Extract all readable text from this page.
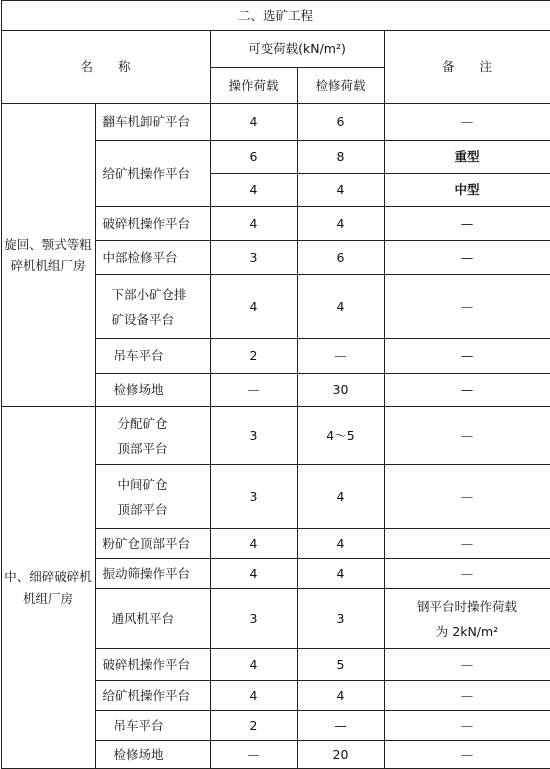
二、选矿工程				
名　　称		可变荷载(kN/m²)		备　　注
		操作荷载	检修荷载	
旋回、颚式等粗碎机机组厂房	翻车机卸矿平台	4	6	—
	给矿机操作平台	6	8	重型
		4	4	中型
	破碎机操作平台	4	4	—
	中部检修平台	3	6	—
	下部小矿仓排矿设备平台	4	4	—
	吊车平台	2	—	—
	检修场地	—	30	—
中、细碎破碎机机组厂房	分配矿仓顶部平台	3	4～5	—
	中间矿仓顶部平台	3	4	—
	粉矿仓顶部平台	4	4	—
	振动筛操作平台	4	4	—
	通风机平台	3	3	钢平台时操作荷载为 2kN/m²
	破碎机操作平台	4	5	—
	给矿机操作平台	4	4	—
	吊车平台	2	—	—
	检修场地	—	20	—
